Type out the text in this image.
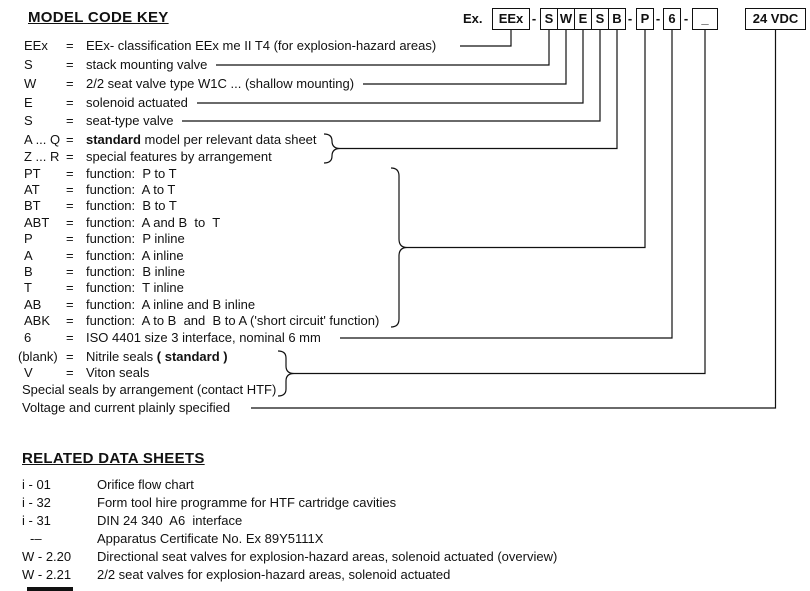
MODEL CODE KEY
RELATED DATA SHEETS
Ex.	EEx - S W E S B - P - 6 -	_	24 VDC
EEx = EEx- classification EEx me II T4 (for explosion-hazard areas)
S	= stack mounting valve
W = 2/2 seat valve type W1C ... (shallow mounting)
E	= solenoid actuated
S	= seat-type valve
A ... Q = standard model per relevant data sheet
Z ... R = special features by arrangement
PT = function:  P to T
AT = function:  A to T
BT = function:  B to T
ABT = function:  A and B  to  T
P	= function:  P inline
A	= function:  A inline
B	= function:  B inline
T	= function:  T inline
AB = function:  A inline and B inline
ABK = function:  A to B  and  B to A ('short circuit' function)
6	= ISO 4401 size 3 interface, nominal 6 mm
(blank) = Nitrile seals ( standard )
V	= Viton seals
Special seals by arrangement (contact HTF)
Voltage and current plainly specified
i - 01	Orifice flow chart
i - 32	Form tool hire programme for HTF cartridge cavities
i - 31	DIN 24 340  A6  interface
-–	Apparatus Certificate No. Ex 89Y5111X
W - 2.20 Directional seat valves for explosion-hazard areas, solenoid actuated (overview)
W - 2.21 2/2 seat valves for explosion-hazard areas, solenoid actuated
